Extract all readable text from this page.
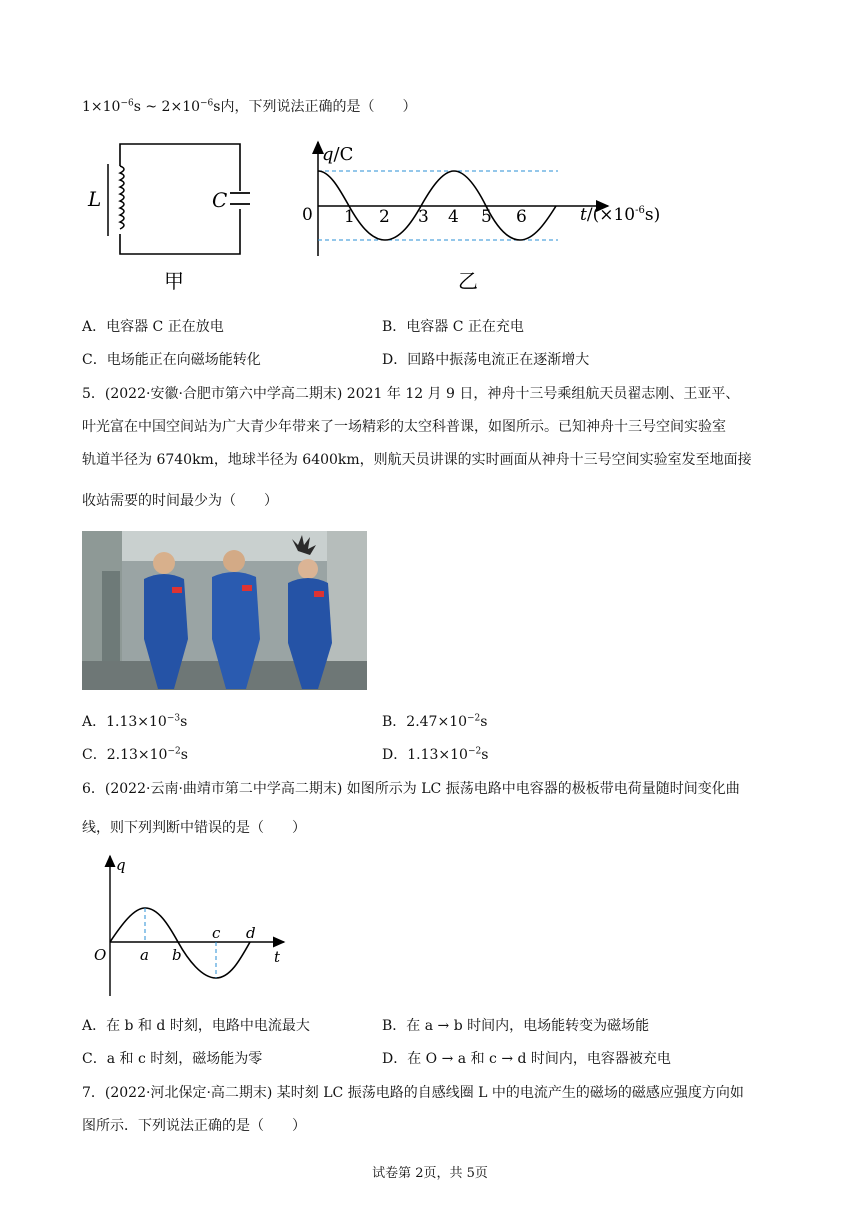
$1\times 10^{-6}s$ ~ $2\times 10^{-6}s$内，下列说法正确的是（　　）
L	C
甲
q/C
0 1 2 3 4 5 6	$t/(\times 10^{-6}s)$
乙
A．电容器 C 正在放电	B．电容器 C 正在充电
C．电场能正在向磁场能转化	D．回路中振荡电流正在逐渐增大
5．(2022·安徽·合肥市第六中学高二期末) 2021 年 12 月 9 日，神舟十三号乘组航天员翟志刚、王亚平、
叶光富在中国空间站为广大青少年带来了一场精彩的太空科普课，如图所示。已知神舟十三号空间实验室
轨道半径为 6740km，地球半径为 6400km，则航天员讲课的实时画面从神舟十三号空间实验室发至地面接
收站需要的时间最少为（　　）
A．$1.13\times 10^{-3}s$	B．$2.47\times 10^{-2}s$
C．$2.13\times 10^{-2}s$	D．$1.13\times 10^{-2}s$
6．(2022·云南·曲靖市第二中学高二期末) 如图所示为 LC 振荡电路中电容器的极板带电荷量随时间变化曲
线，则下列判断中错误的是（　　）
q
t
O a b
c d
A．在 b 和 d 时刻，电路中电流最大	B．在 a → b 时间内，电场能转变为磁场能
C．a 和 c 时刻，磁场能为零	D．在 O → a 和 c → d 时间内，电容器被充电
7．(2022·河北保定·高二期末) 某时刻 LC 振荡电路的自感线圈 L 中的电流产生的磁场的磁感应强度方向如
图所示．下列说法正确的是（　　）
试卷第 2页，共 5页
